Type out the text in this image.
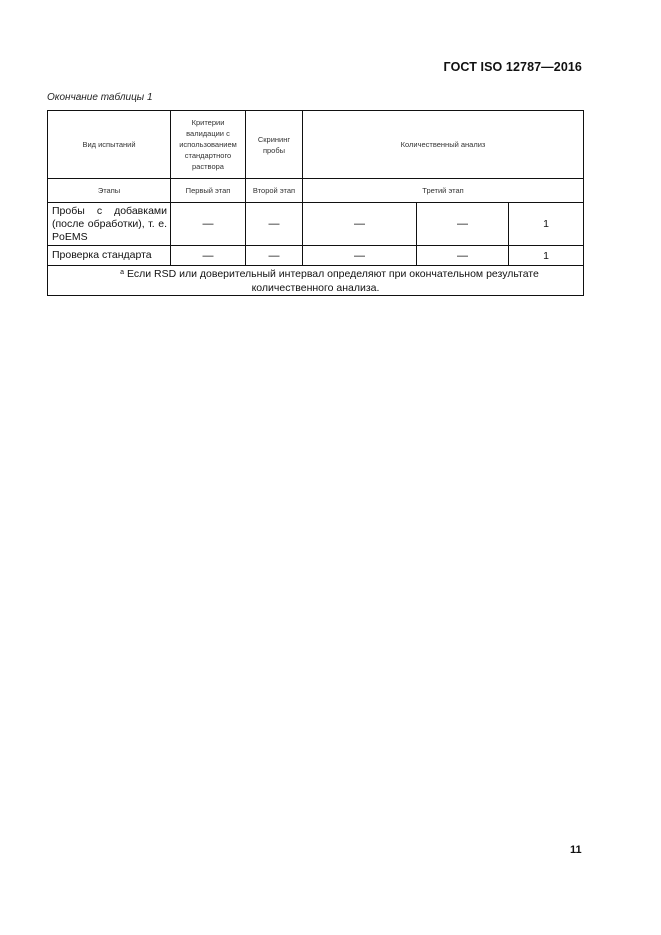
ГОСТ ISO 12787—2016
Окончание таблицы 1
Вид испытаний	Критерии валидации с использованием стандартного раствора	Скрининг пробы	Количественный анализ		
Этапы	Первый этап	Второй этап	Третий этап		
Пробы с добавками (после обработки), т. е. PoEMS	—	—	—	—	1
Проверка стандарта	—	—	—	—	1
$^a$ Если RSD или доверительный интервал определяют при окончательном результате количественного анализа.					
11
